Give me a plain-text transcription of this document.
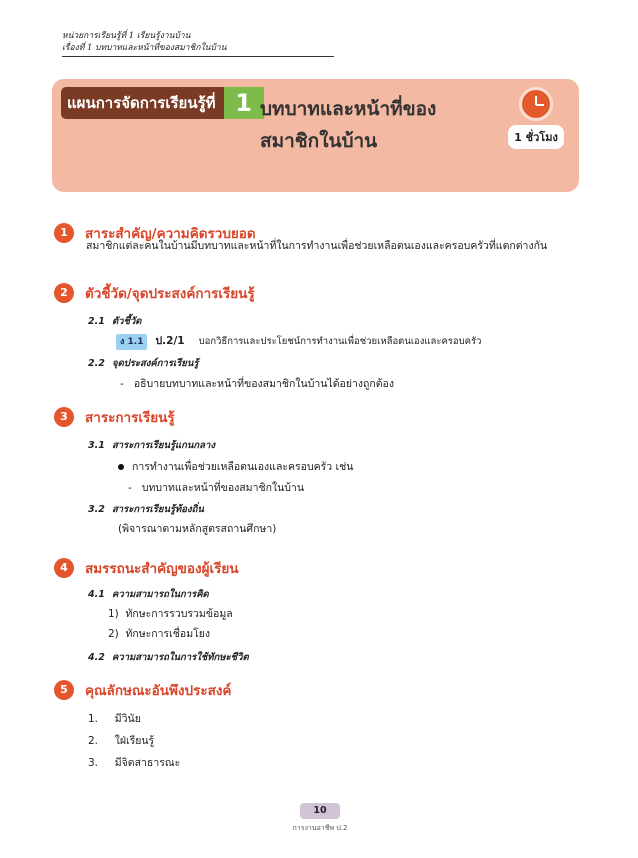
หน่วยการเรียนรู้ที่ 1 เรียนรู้งานบ้าน
เรื่องที่ 1 บทบาทและหน้าที่ของสมาชิกในบ้าน
แผนการจัดการเรียนรู้ที่ 1 บทบาทและหน้าที่ของ
สมาชิกในบ้าน	1 ชั่วโมง
1	สาระสำคัญ/ความคิดรวบยอด
สมาชิกแต่ละคนในบ้านมีบทบาทและหน้าที่ในการทำงานเพื่อช่วยเหลือตนเองและครอบครัวที่แตกต่างกัน
2	ตัวชี้วัด/จุดประสงค์การเรียนรู้
2.1 ตัวชี้วัด
ง 1.1 ป.2/1 บอกวิธีการและประโยชน์การทำงานเพื่อช่วยเหลือตนเองและครอบครัว
2.2 จุดประสงค์การเรียนรู้
-   อธิบายบทบาทและหน้าที่ของสมาชิกในบ้านได้อย่างถูกต้อง
3	สาระการเรียนรู้
3.1 สาระการเรียนรู้แกนกลาง
การทำงานเพื่อช่วยเหลือตนเองและครอบครัว เช่น
-   บทบาทและหน้าที่ของสมาชิกในบ้าน
3.2 สาระการเรียนรู้ท้องถิ่น
(พิจารณาตามหลักสูตรสถานศึกษา)
4	สมรรถนะสำคัญของผู้เรียน
4.1 ความสามารถในการคิด
1)  ทักษะการรวบรวมข้อมูล
2)  ทักษะการเชื่อมโยง
4.2 ความสามารถในการใช้ทักษะชีวิต
5	คุณลักษณะอันพึงประสงค์
1.     มีวินัย
2.     ใฝ่เรียนรู้
3.     มีจิตสาธารณะ
10
การงานอาชีพ ป.2
